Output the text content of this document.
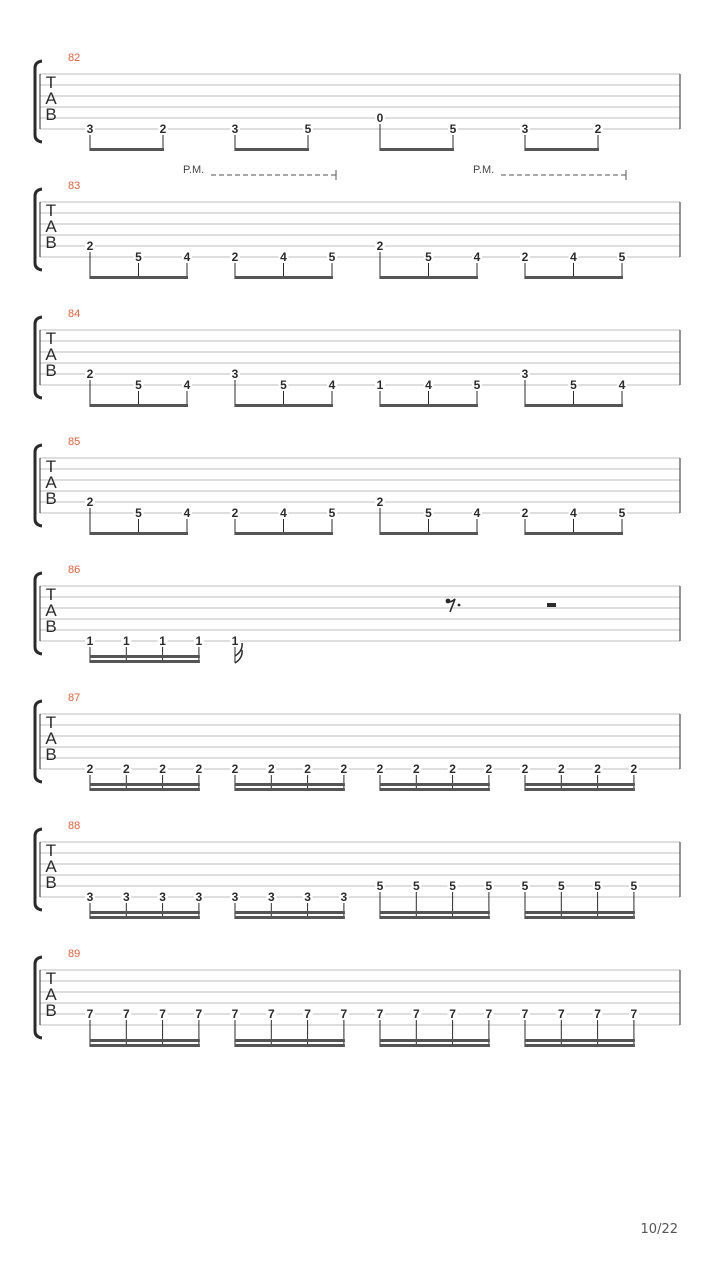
T
A
B
82
3	2	3	5
0
5	3	2
T
A
B
83
2
5	4	2	4	5
2
5	4	2	4	5
P.M.	P.M.
T
A
B
84
2
5	4
3
5	4	1	4	5
3
5	4
T
A
B
85
2
5	4	2	4	5
2
5	4	2	4	5
T
A
B
86
1 1 1 1 1
T
A
B
87
2 2 2 2 2 2 2 2 2 2 2 2 2 2 2 2
T
A
B
88
3 3 3 3 3 3 3 3
5 5 5 5 5 5 5 5
T
A
B
89
7 7 7 7 7 7 7 7 7 7 7 7 7 7 7 7
10/22
